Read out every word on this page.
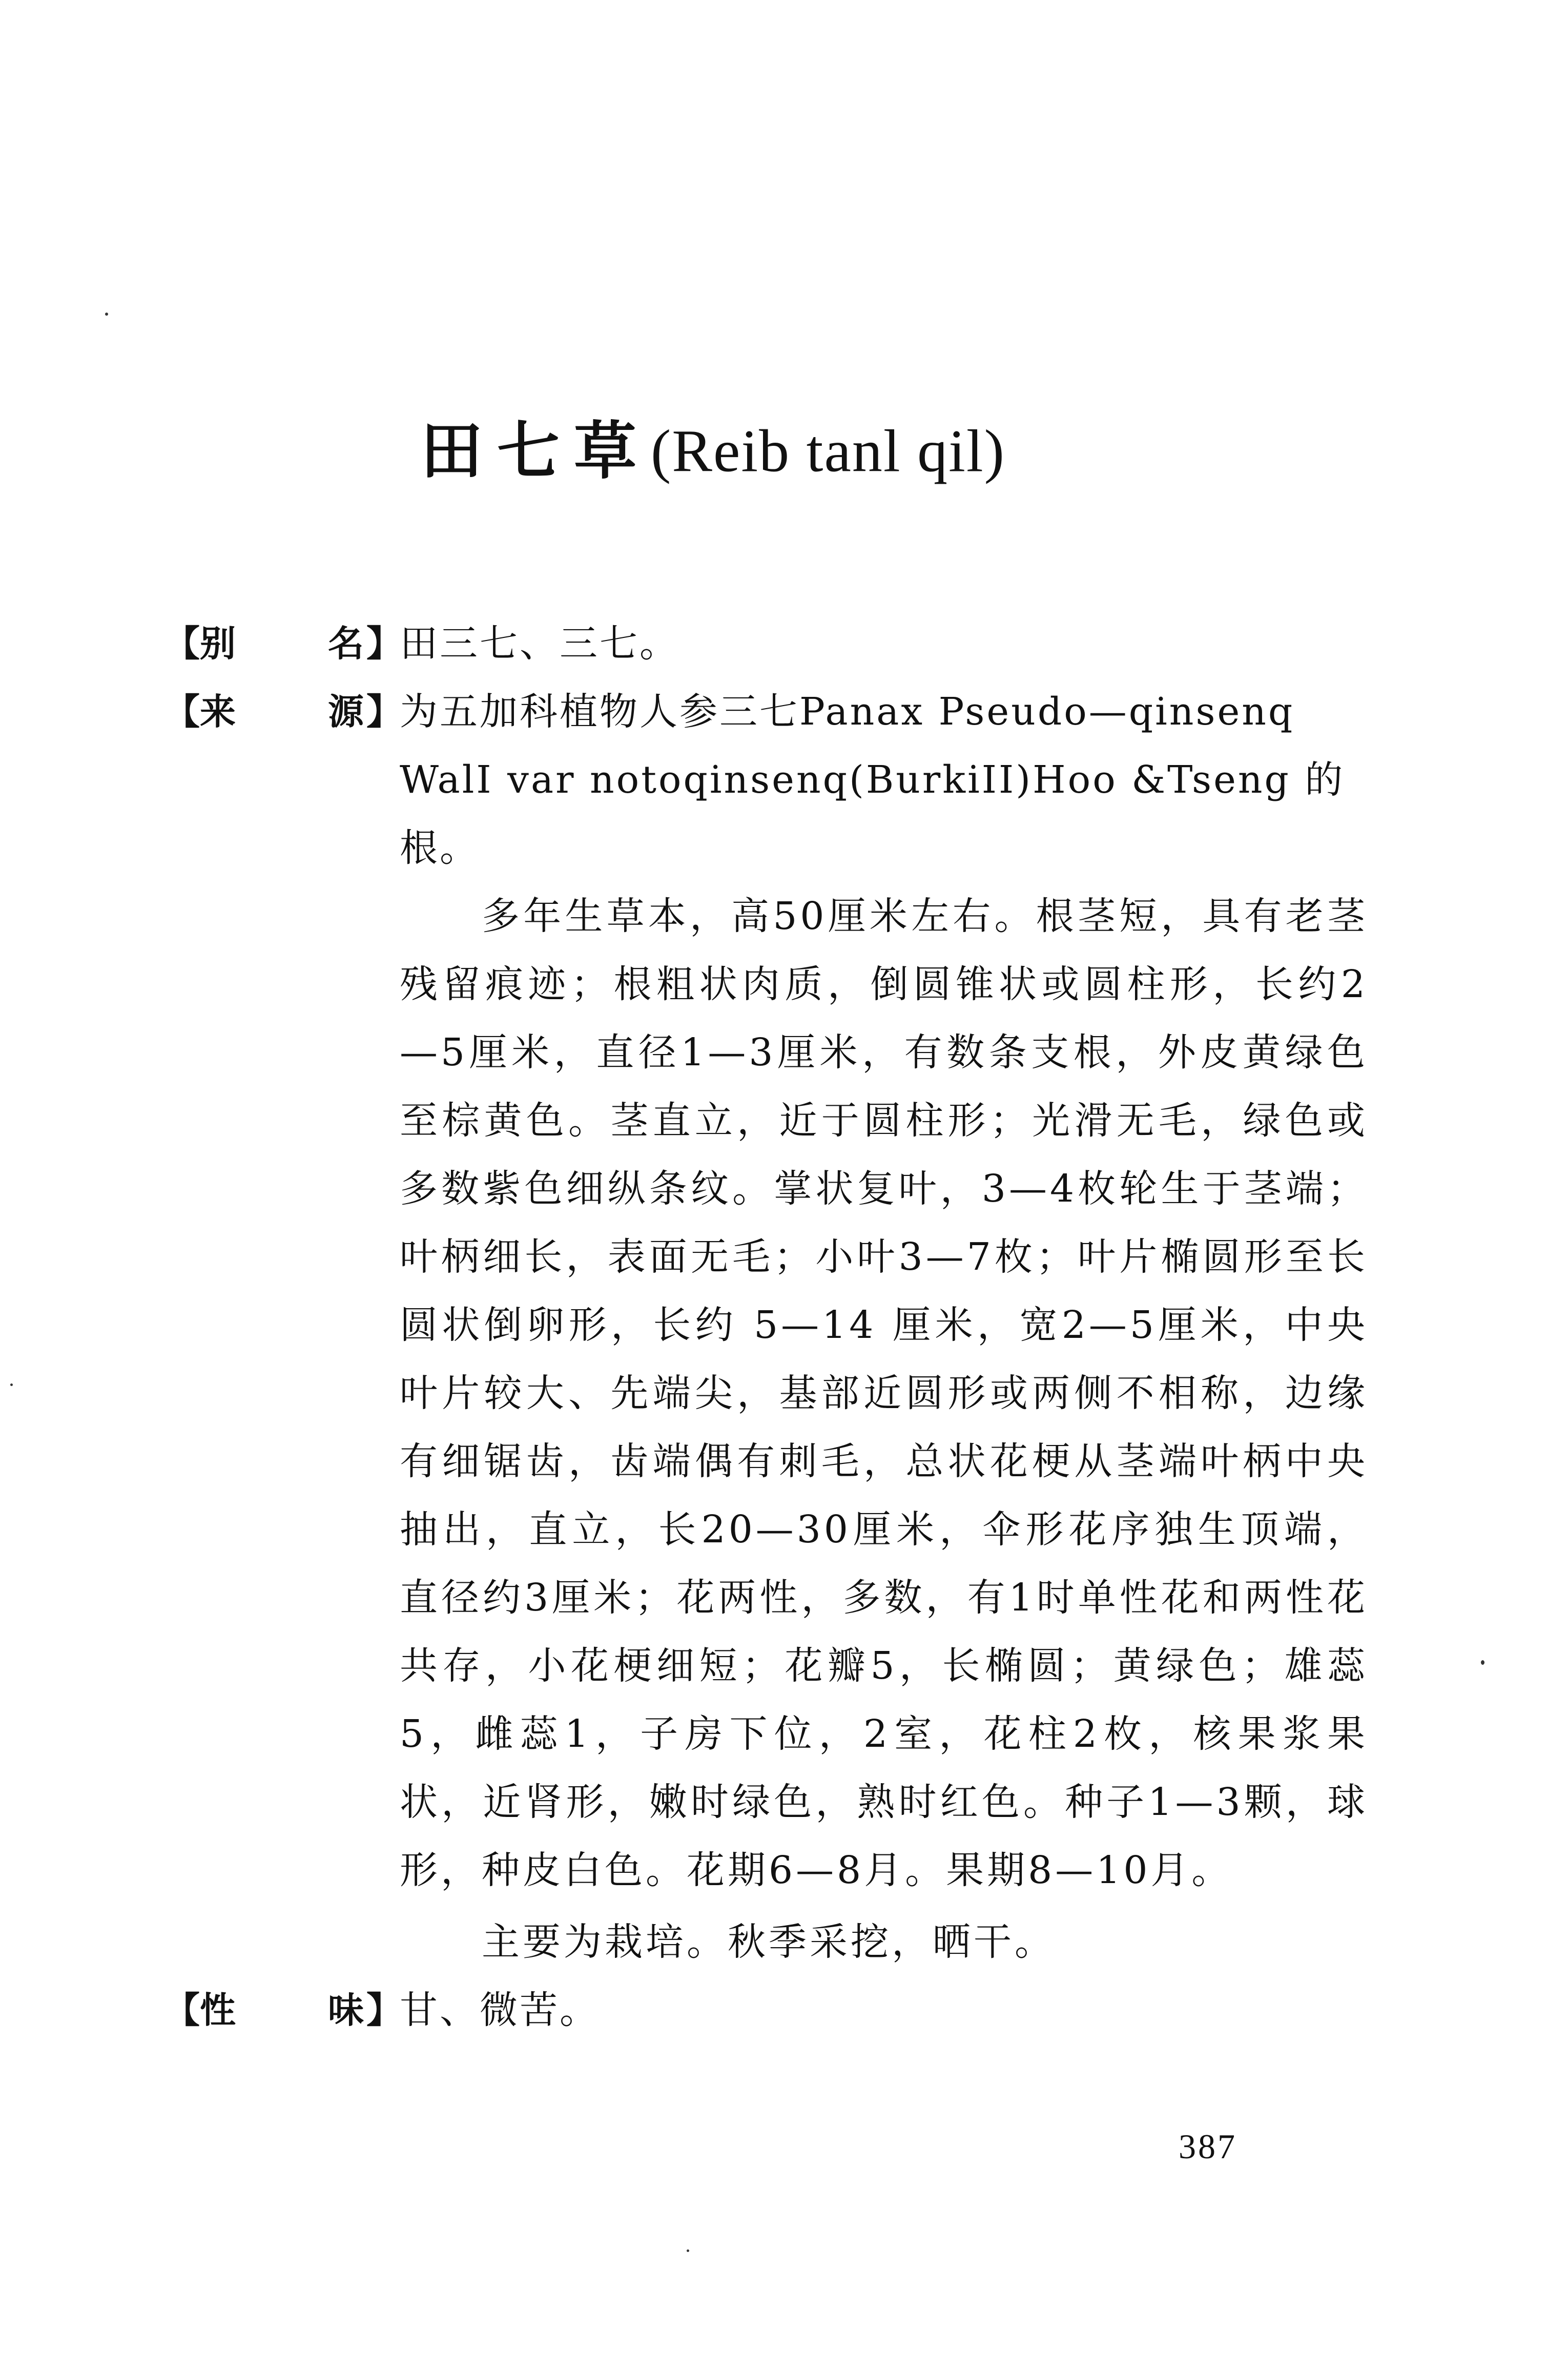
田七草(Reib tanl qil)
【 别	名 】
田三七、三七。
【 来	源 】
为五加科植物人参三七Panax Pseudo—qinsenq WalI var notoqinsenq(BurkiII)Hoo &Tseng 的根。
多年生草本，高50厘米左右。根茎短，具有老茎残留痕迹；根粗状肉质，倒圆锥状或圆柱形，长约2—5厘米，直径1—3厘米，有数条支根，外皮黄绿色至棕黄色。茎直立，近于圆柱形；光滑无毛，绿色或多数紫色细纵条纹。掌状复叶，3—4枚轮生于茎端；叶柄细长，表面无毛；小叶3—7枚；叶片椭圆形至长圆状倒卵形，长约 5—14 厘米，宽2—5厘米，中央叶片较大、先端尖，基部近圆形或两侧不相称，边缘有细锯齿，齿端偶有刺毛，总状花梗从茎端叶柄中央抽出，直立，长20—30厘米，伞形花序独生顶端，直径约3厘米；花两性，多数，有1时单性花和两性花共存，小花梗细短；花瓣5，长椭圆；黄绿色；雄蕊5，雌蕊1，子房下位，2室，花柱2枚，核果浆果状，近肾形，嫩时绿色，熟时红色。种子1—3颗，球形，种皮白色。花期6—8月。果期8—10月。
主要为栽培。秋季采挖，晒干。
【 性	味 】
甘、微苦。
387
